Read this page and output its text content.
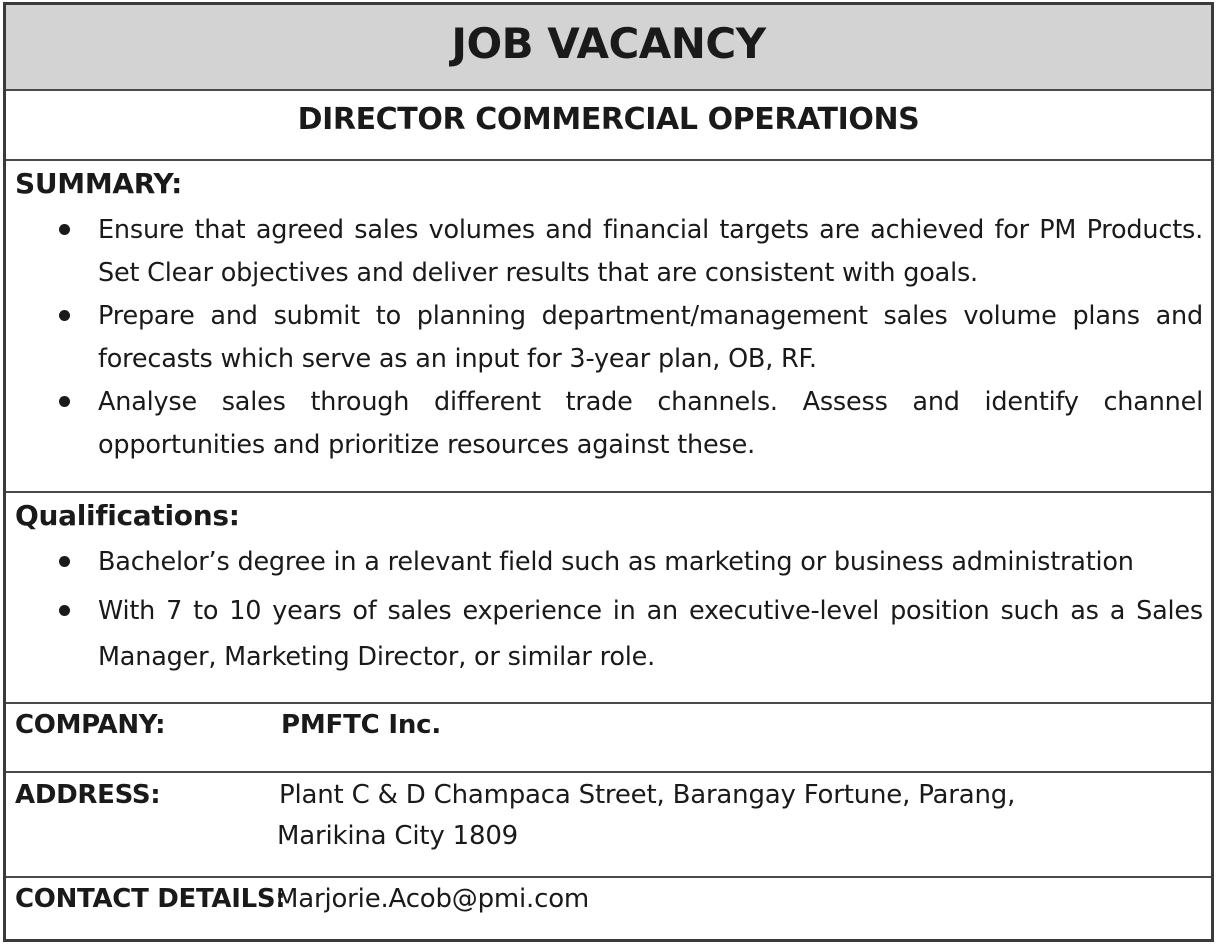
JOB VACANCY
DIRECTOR COMMERCIAL OPERATIONS
SUMMARY:
Ensure that agreed sales volumes and financial targets are achieved for PM Products. Set Clear objectives and deliver results that are consistent with goals.
Prepare and submit to planning department/management sales volume plans and forecasts which serve as an input for 3-year plan, OB, RF.
Analyse sales through different trade channels. Assess and identify channel opportunities and prioritize resources against these.
Qualifications:
Bachelor’s degree in a relevant field such as marketing or business administration
With 7 to 10 years of sales experience in an executive-level position such as a Sales Manager, Marketing Director, or similar role.
COMPANY:	PMFTC Inc.
ADDRESS:	Plant C & D Champaca Street, Barangay Fortune, Parang,
Marikina City 1809
CONTACT DETAILS:
Marjorie.Acob@pmi.com
